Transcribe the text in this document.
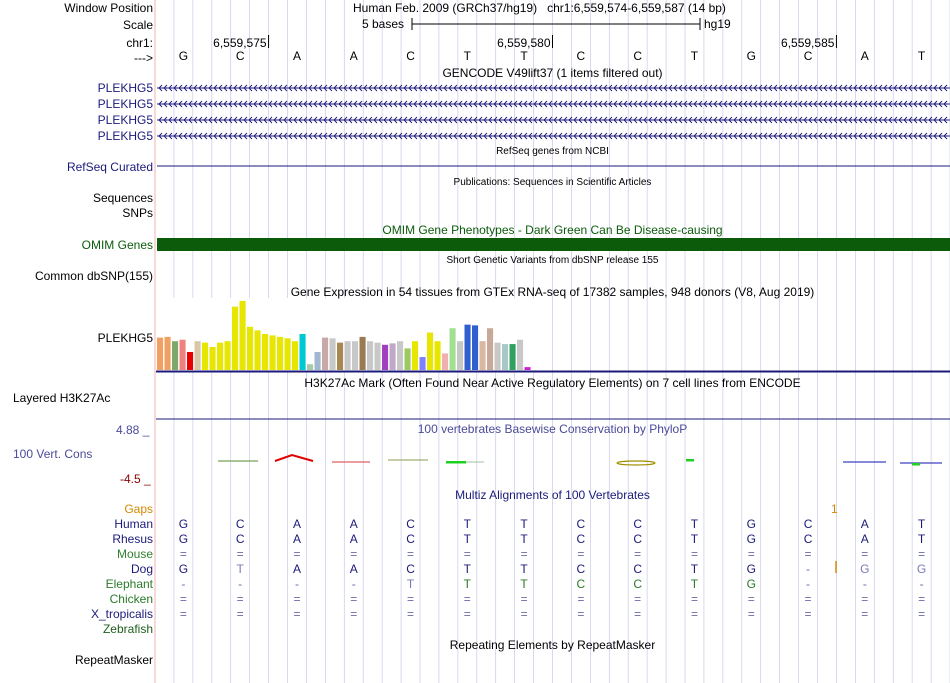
Window Position	Human Feb. 2009 (GRCh37/hg19) chr1:6,559,574-6,559,587 (14 bp)
Scale	5 bases	hg19
chr1:
--->
6,559,575	6,559,580	6,559,585
G	C	A	A	C	T	T	C	C	T	G	C	A	T
GENCODE V49lift37 (1 items filtered out)
PLEKHG5
PLEKHG5
PLEKHG5
PLEKHG5
RefSeq genes from NCBI
RefSeq Curated
Publications: Sequences in Scientific Articles
Sequences
SNPs
OMIM Gene Phenotypes - Dark Green Can Be Disease-causing
OMIM Genes
Short Genetic Variants from dbSNP release 155
Common dbSNP(155)
Gene Expression in 54 tissues from GTEx RNA-seq of 17382 samples, 948 donors (V8, Aug 2019)
PLEKHG5
H3K27Ac Mark (Often Found Near Active Regulatory Elements) on 7 cell lines from ENCODE
Layered H3K27Ac
100 vertebrates Basewise Conservation by PhyloP
4.88 _
100 Vert. Cons
-4.5 _
Multiz Alignments of 100 Vertebrates
Gaps
Human G	C	A	A	C	T	T	C	C	T	G	C	A	T
Rhesus G	C	A	A	C	T	T	C	C	T	G	C	A	T
Mouse	=	=	=	=	=	=	=	=	=	=	=	=	=	=
Dog G	T	A	A	C	T	T	C	C	T	G	-	G	G
Elephant	-	-	-	-	T	T	T	C	C	T	G	-	-	-
Chicken	=	=	=	=	=	=	=	=	=	=	=	=	=	=
X_tropicalis	=	=	=	=	=	=	=	=	=	=	=	=	=	=
Zebrafish
1
Repeating Elements by RepeatMasker
RepeatMasker
